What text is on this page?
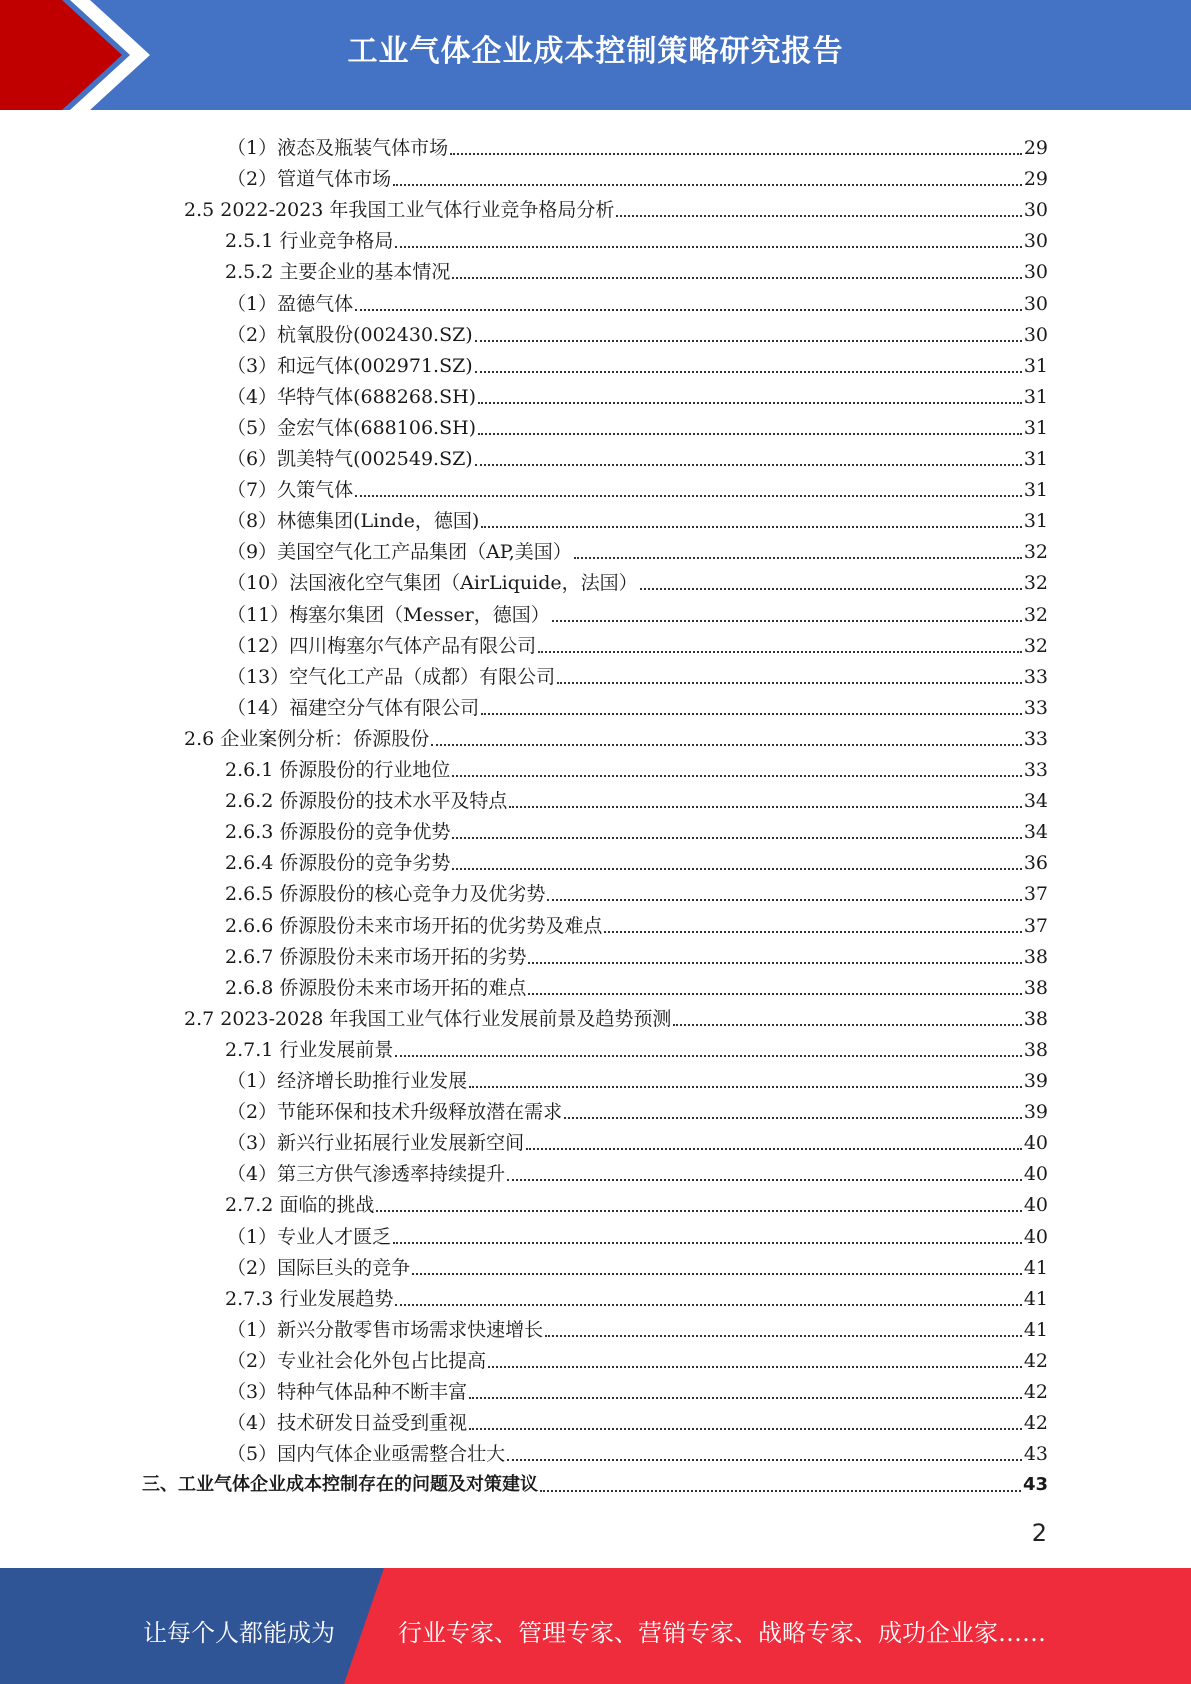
工业气体企业成本控制策略研究报告
（1）液态及瓶装气体市场	29
（2）管道气体市场	29
2.5 2022-2023 年我国工业气体行业竞争格局分析	30
2.5.1 行业竞争格局	30
2.5.2 主要企业的基本情况	30
（1）盈德气体	30
（2）杭氧股份(002430.SZ)	30
（3）和远气体(002971.SZ)	31
（4）华特气体(688268.SH)	31
（5）金宏气体(688106.SH)	31
（6）凯美特气(002549.SZ)	31
（7）久策气体	31
（8）林德集团(Linde，德国)	31
（9）美国空气化工产品集团（AP,美国）	32
（10）法国液化空气集团（AirLiquide，法国）	32
（11）梅塞尔集团（Messer，德国）	32
（12）四川梅塞尔气体产品有限公司	32
（13）空气化工产品（成都）有限公司	33
（14）福建空分气体有限公司	33
2.6 企业案例分析：侨源股份	33
2.6.1 侨源股份的行业地位	33
2.6.2 侨源股份的技术水平及特点	34
2.6.3 侨源股份的竞争优势	34
2.6.4 侨源股份的竞争劣势	36
2.6.5 侨源股份的核心竞争力及优劣势	37
2.6.6 侨源股份未来市场开拓的优劣势及难点	37
2.6.7 侨源股份未来市场开拓的劣势	38
2.6.8 侨源股份未来市场开拓的难点	38
2.7 2023-2028 年我国工业气体行业发展前景及趋势预测	38
2.7.1 行业发展前景	38
（1）经济增长助推行业发展	39
（2）节能环保和技术升级释放潜在需求	39
（3）新兴行业拓展行业发展新空间	40
（4）第三方供气渗透率持续提升	40
2.7.2 面临的挑战	40
（1）专业人才匮乏	40
（2）国际巨头的竞争	41
2.7.3 行业发展趋势	41
（1）新兴分散零售市场需求快速增长	41
（2）专业社会化外包占比提高	42
（3）特种气体品种不断丰富	42
（4）技术研发日益受到重视	42
（5）国内气体企业亟需整合壮大	43
三、工业气体企业成本控制存在的问题及对策建议	43
2
让每个人都能成为	行业专家、管理专家、营销专家、战略专家、成功企业家……
